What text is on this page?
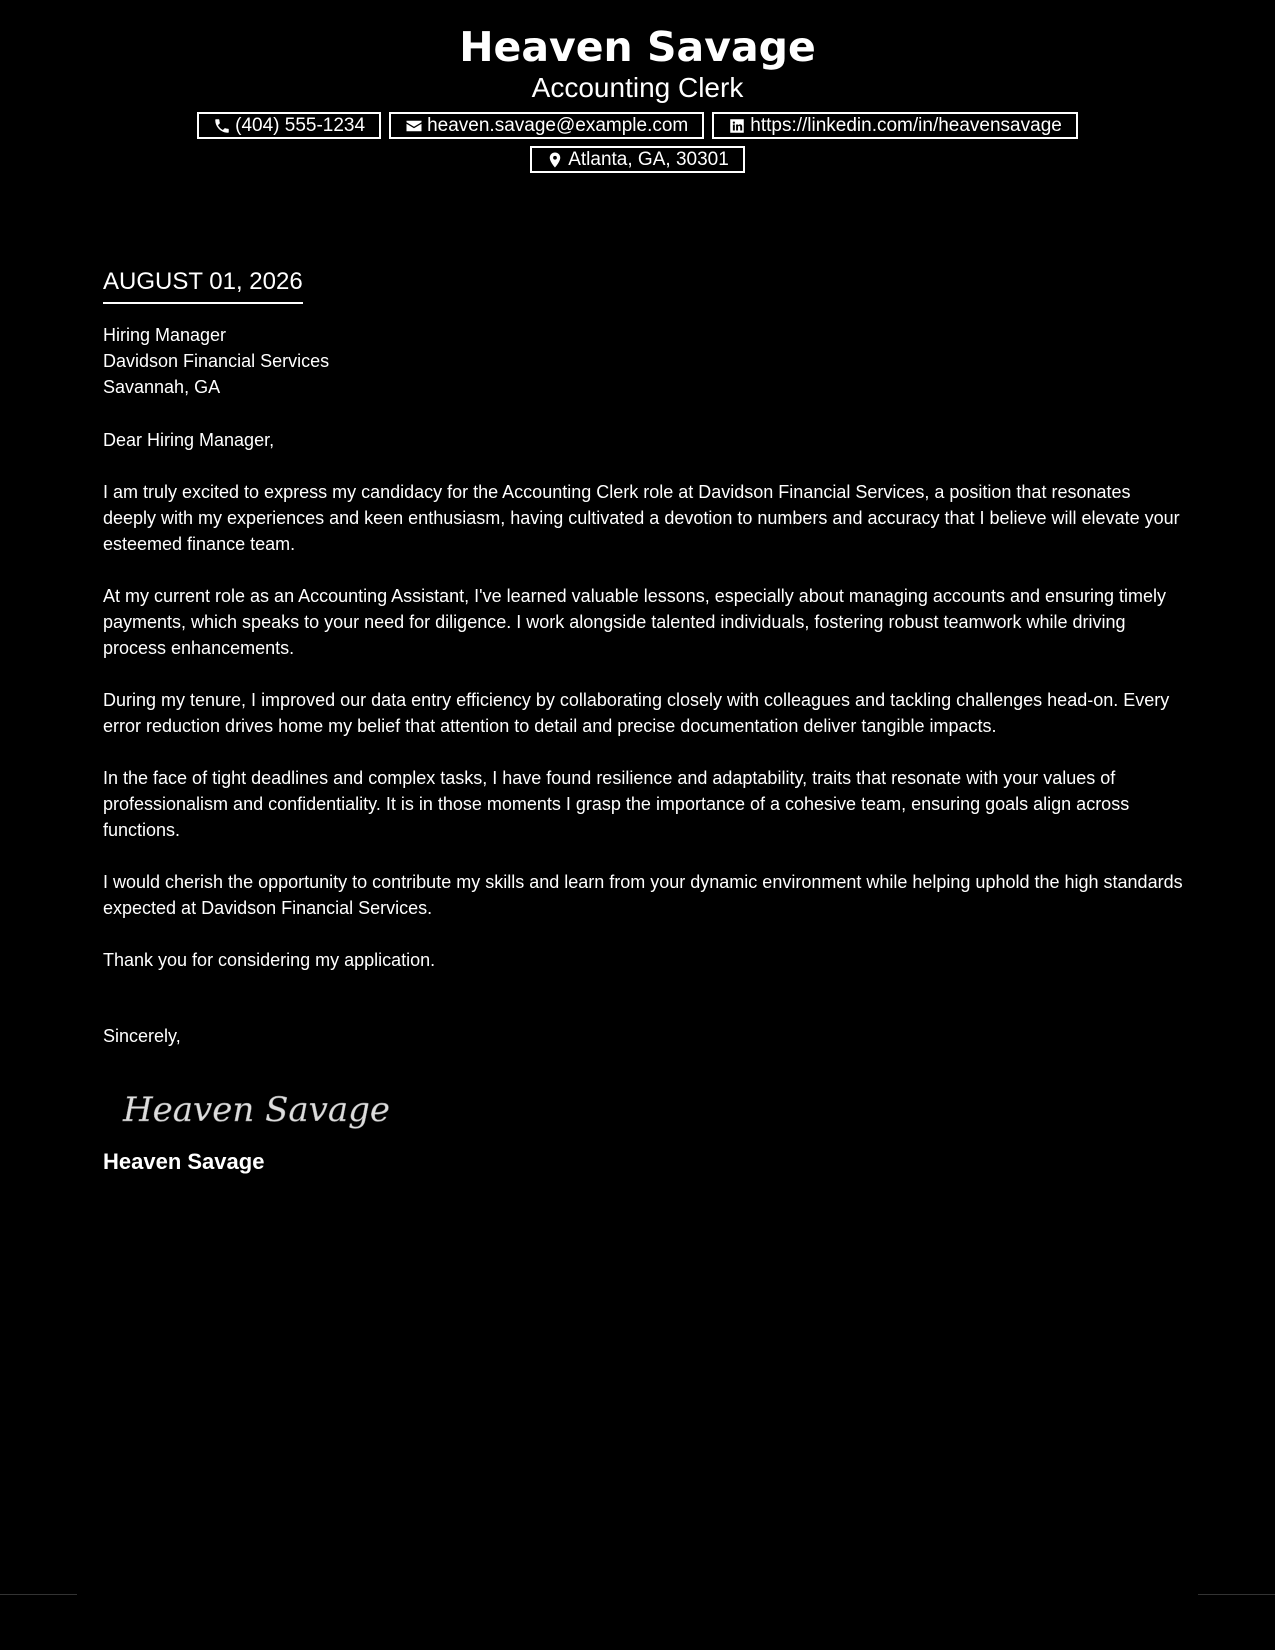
Heaven Savage
Accounting Clerk
(404) 555-1234	heaven.savage@example.com	https://linkedin.com/in/heavensavage
Atlanta, GA, 30301
AUGUST 01, 2026
Hiring Manager
Davidson Financial Services
Savannah, GA
Dear Hiring Manager,

I am truly excited to express my candidacy for the Accounting Clerk role at Davidson Financial Services, a position that resonates deeply with my experiences and keen enthusiasm, having cultivated a devotion to numbers and accuracy that I believe will elevate your esteemed finance team.

At my current role as an Accounting Assistant, I've learned valuable lessons, especially about managing accounts and ensuring timely payments, which speaks to your need for diligence. I work alongside talented individuals, fostering robust teamwork while driving process enhancements.

During my tenure, I improved our data entry efficiency by collaborating closely with colleagues and tackling challenges head-on. Every error reduction drives home my belief that attention to detail and precise documentation deliver tangible impacts.

In the face of tight deadlines and complex tasks, I have found resilience and adaptability, traits that resonate with your values of professionalism and confidentiality. It is in those moments I grasp the importance of a cohesive team, ensuring goals align across functions.

I would cherish the opportunity to contribute my skills and learn from your dynamic environment while helping uphold the high standards expected at Davidson Financial Services.

Thank you for considering my application.

Sincerely,
Heaven Savage
Heaven Savage
